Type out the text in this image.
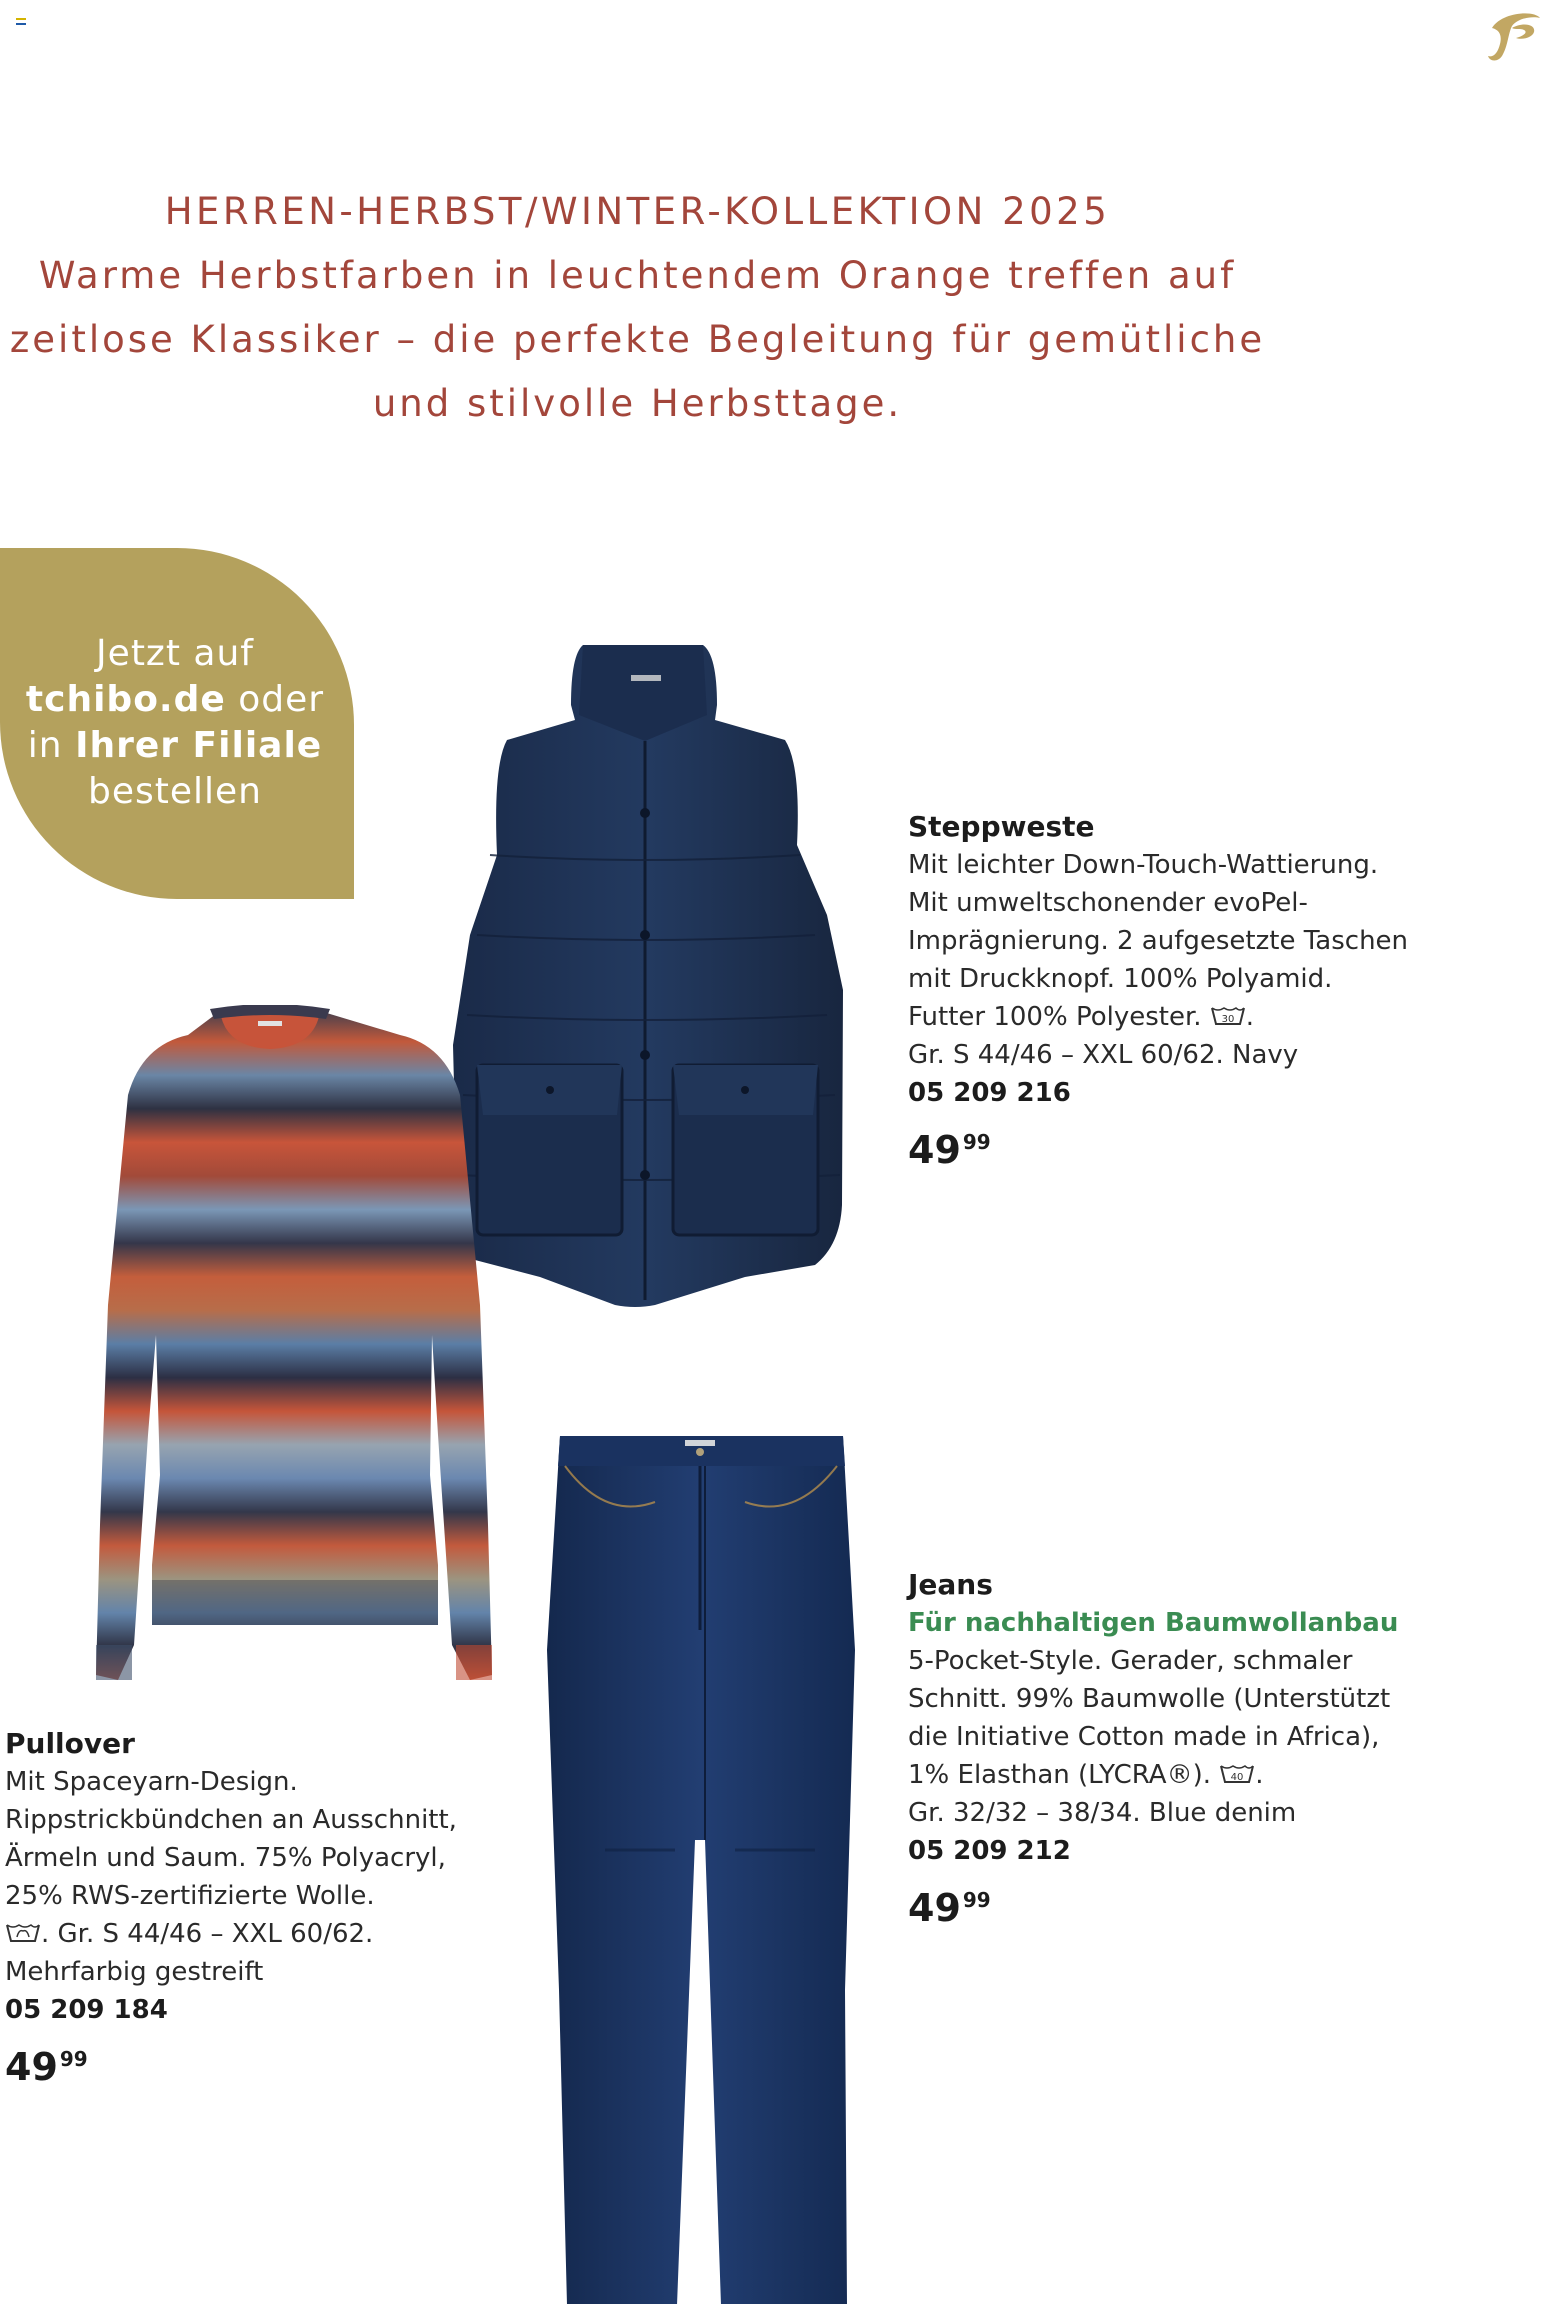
HERREN-HERBST/WINTER-KOLLEKTION 2025
Warme Herbstfarben in leuchtendem Orange treffen auf
zeitlose Klassiker – die perfekte Begleitung für gemütliche
und stilvolle Herbsttage.
Jetzt auf
tchibo.de oder
in Ihrer Filiale
bestellen
Steppweste
Mit leichter Down-Touch-Wattierung.
Mit umweltschonender evoPel-
Imprägnierung. 2 aufgesetzte Taschen
mit Druckknopf. 100% Polyamid.
Futter 100% Polyester. 30 .
Gr. S 44/46 – XXL 60/62. Navy
05 209 216
49 $^{99}$
Jeans
Für nachhaltigen Baumwollanbau
5-Pocket-Style. Gerader, schmaler
Schnitt. 99% Baumwolle (Unterstützt
die Initiative Cotton made in Africa),
1% Elasthan (LYCRA®). 40 .
Gr. 32/32 – 38/34. Blue denim
05 209 212
49 $^{99}$
Pullover
Mit Spaceyarn-Design.
Rippstrickbündchen an Ausschnitt,
Ärmeln und Saum. 75% Polyacryl,
25% RWS-zertifizierte Wolle.
. Gr. S 44/46 – XXL 60/62.
Mehrfarbig gestreift
05 209 184
49 $^{99}$
